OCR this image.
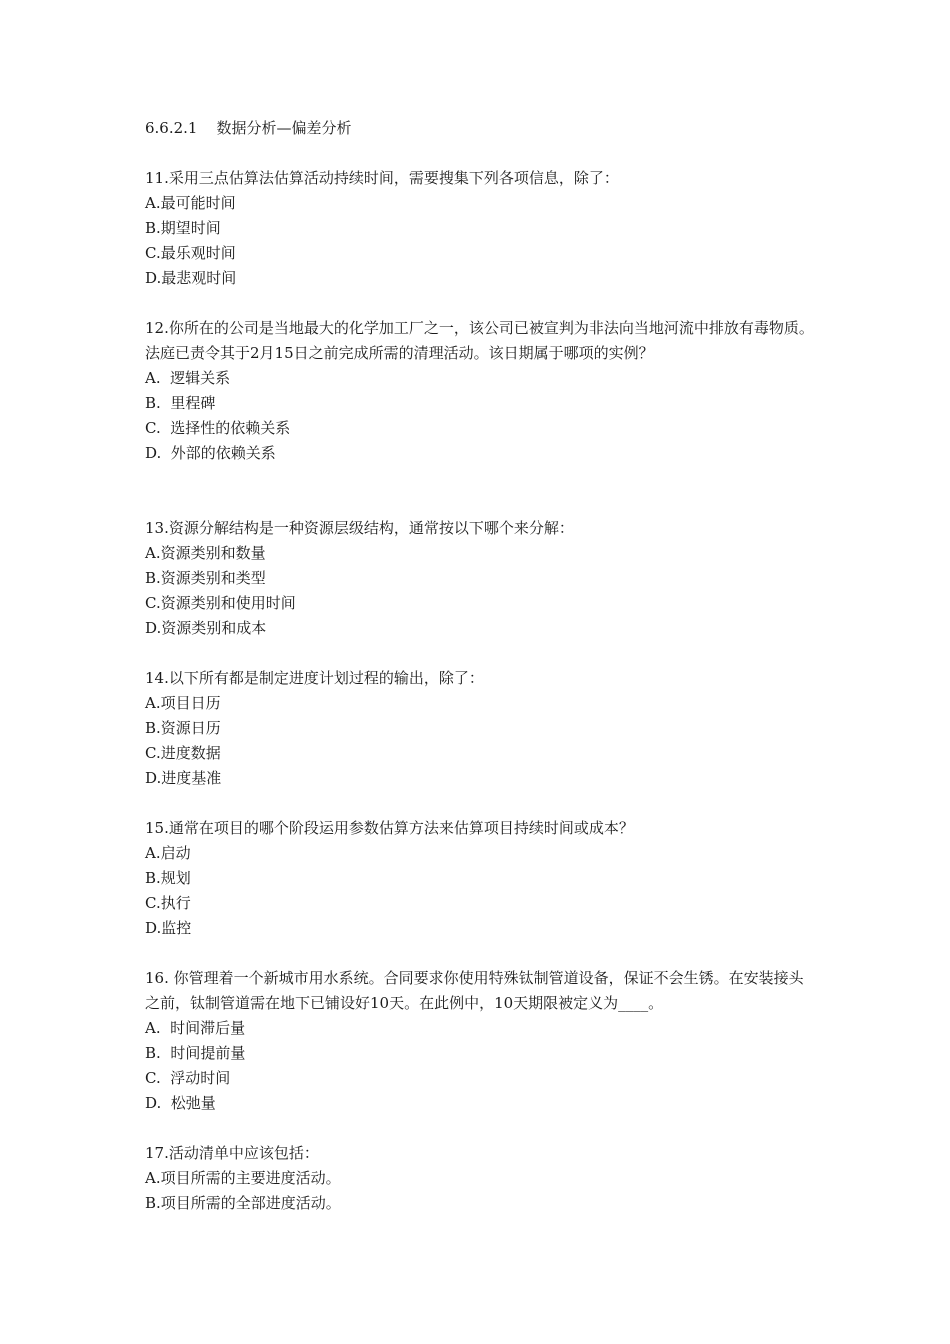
6.6.2.1    数据分析—偏差分析

11.采用三点估算法估算活动持续时间，需要搜集下列各项信息，除了：

A.最可能时间
B.期望时间
C.最乐观时间
D.最悲观时间

12.你所在的公司是当地最大的化学加工厂之一，该公司已被宣判为非法向当地河流中排放有毒物质。法庭已责令其于2月15日之前完成所需的清理活动。该日期属于哪项的实例？

A.  逻辑关系
B.  里程碑
C.  选择性的依赖关系
D.  外部的依赖关系

13.资源分解结构是一种资源层级结构，通常按以下哪个来分解：

A.资源类别和数量
B.资源类别和类型
C.资源类别和使用时间
D.资源类别和成本

14.以下所有都是制定进度计划过程的输出，除了：

A.项目日历
B.资源日历
C.进度数据
D.进度基准

15.通常在项目的哪个阶段运用参数估算方法来估算项目持续时间或成本？

A.启动
B.规划
C.执行
D.监控

16. 你管理着一个新城市用水系统。合同要求你使用特殊钛制管道设备，保证不会生锈。在安装接头之前，钛制管道需在地下已铺设好10天。在此例中，10天期限被定义为____。

A.  时间滞后量
B.  时间提前量
C.  浮动时间
D.  松弛量

17.活动清单中应该包括：

A.项目所需的主要进度活动。
B.项目所需的全部进度活动。
